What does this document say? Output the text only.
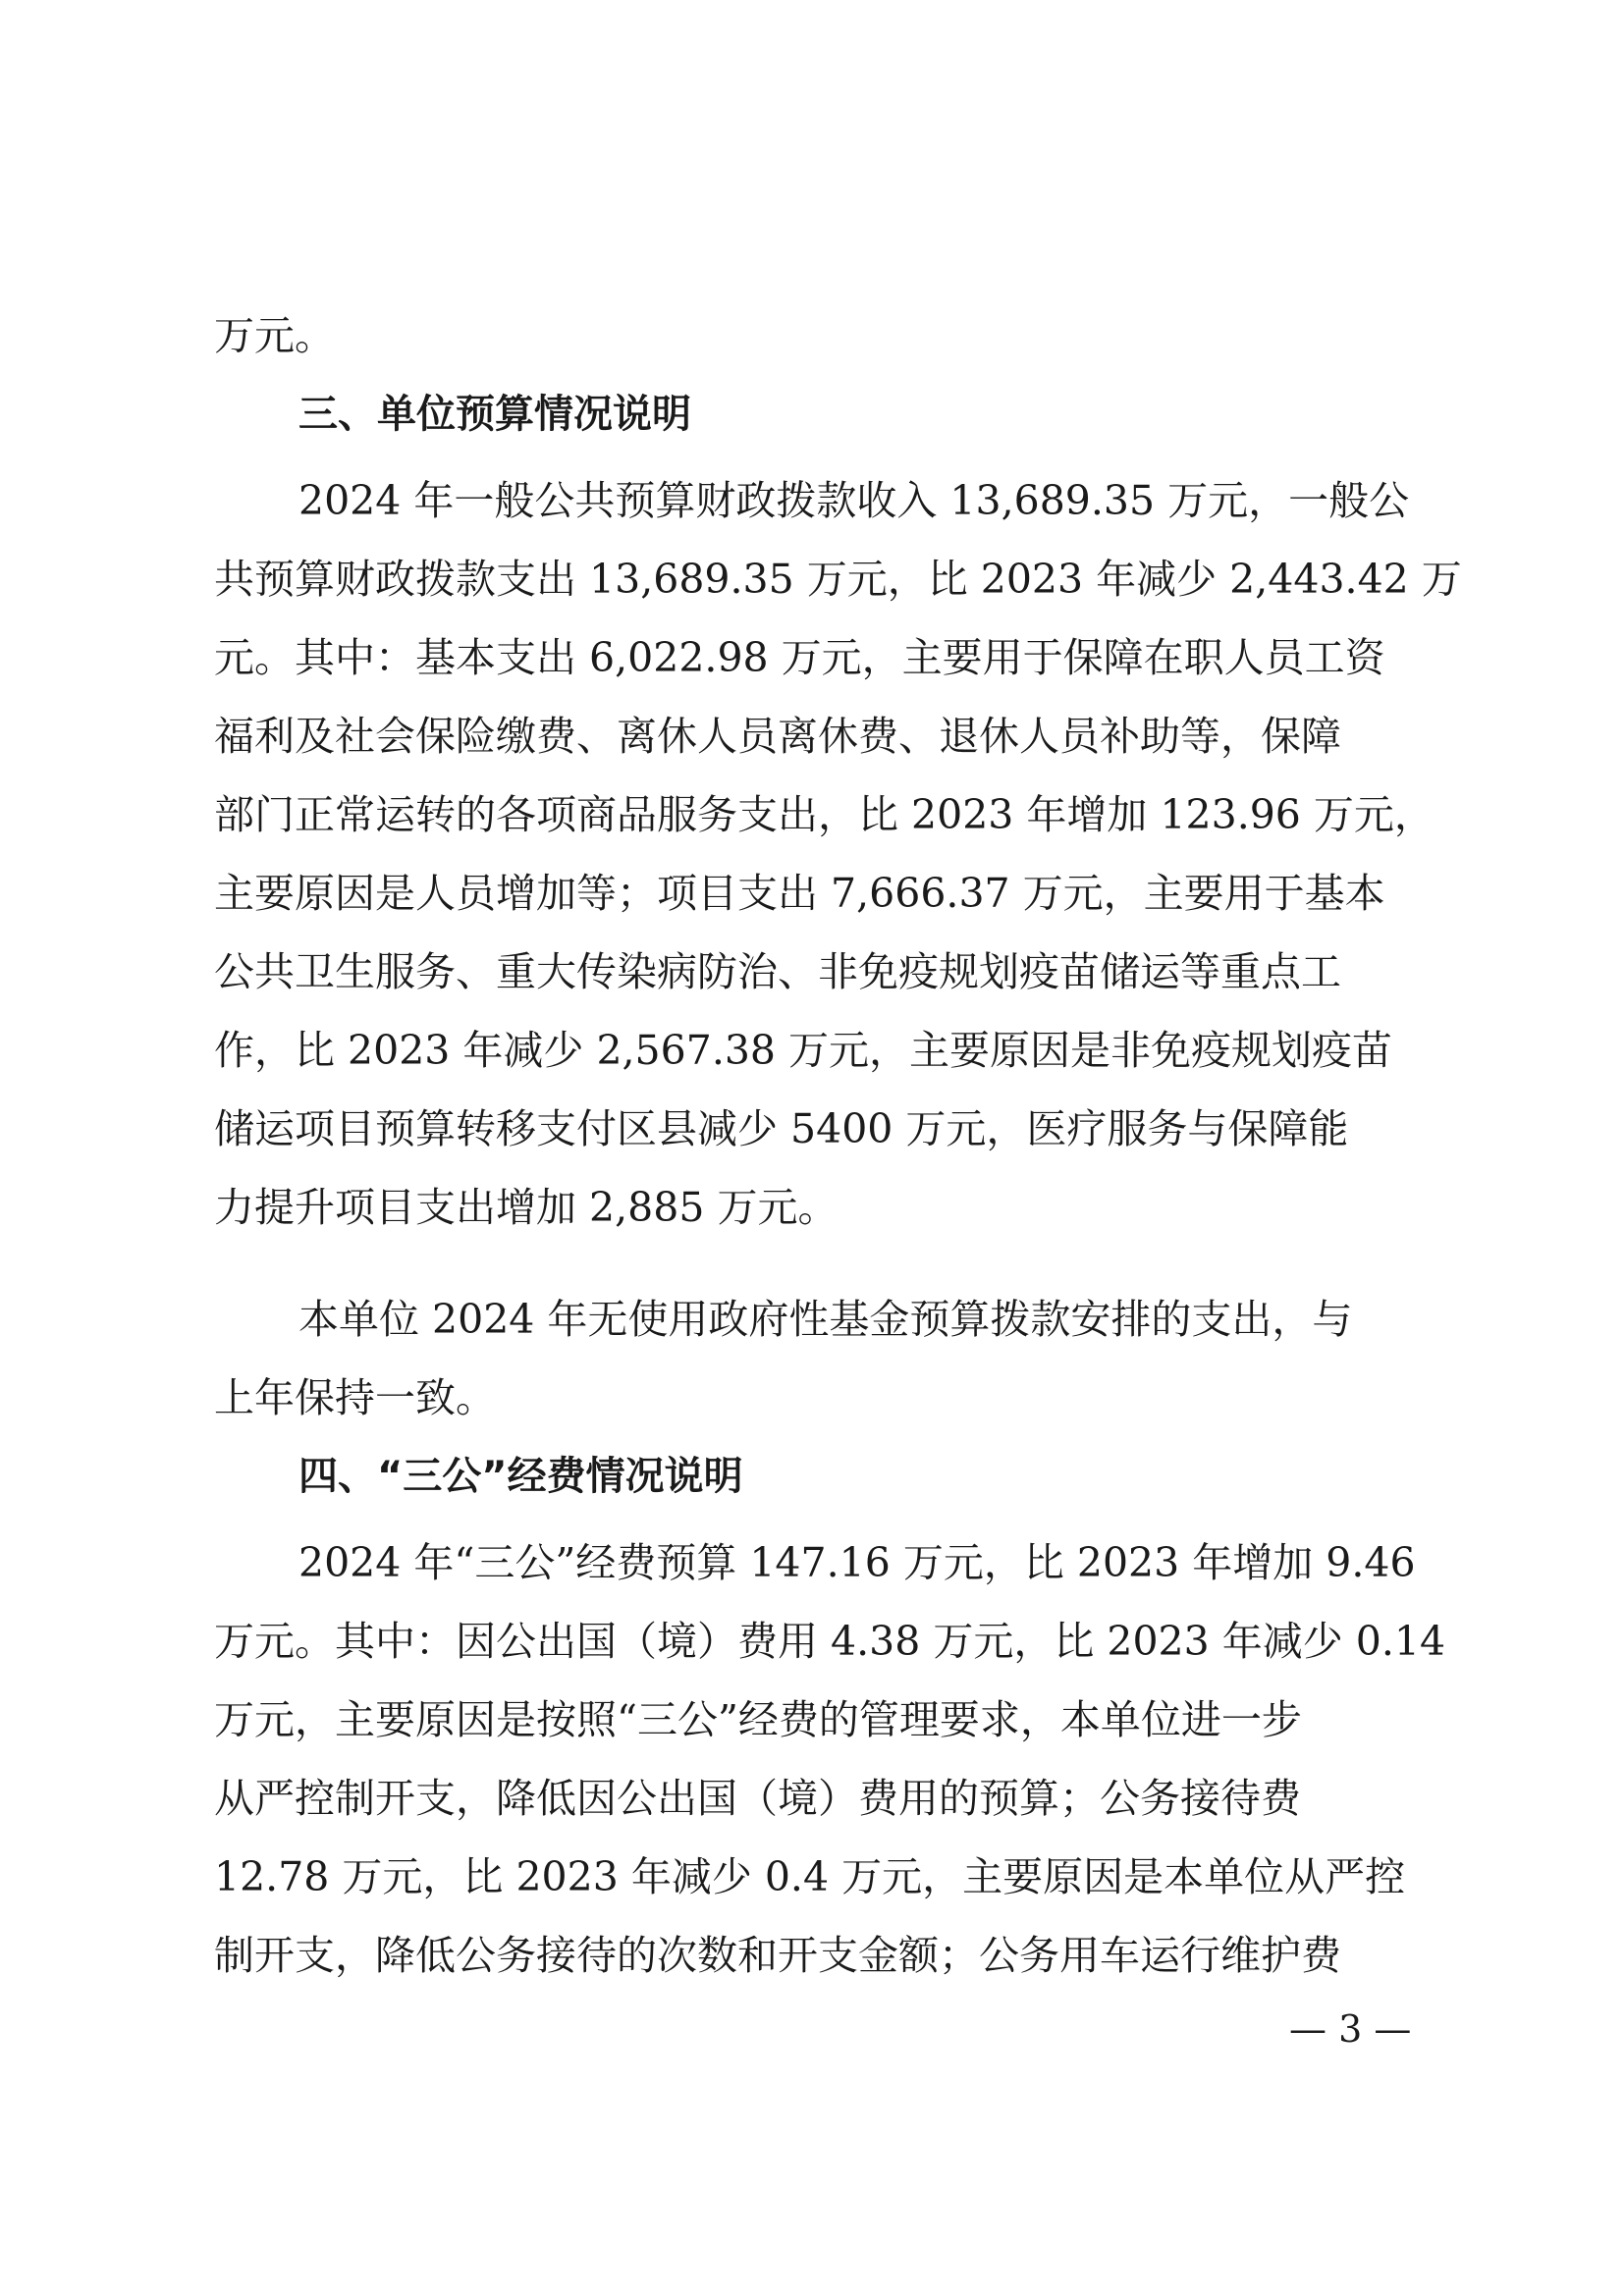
万元。

三、单位预算情况说明

2024 年一般公共预算财政拨款收入 13,689.35 万元，一般公

共预算财政拨款支出 13,689.35 万元，比 2023 年减少 2,443.42 万

元。其中：基本支出 6,022.98 万元，主要用于保障在职人员工资

福利及社会保险缴费、离休人员离休费、退休人员补助等，保障

部门正常运转的各项商品服务支出，比 2023 年增加 123.96 万元，

主要原因是人员增加等；项目支出 7,666.37 万元，主要用于基本

公共卫生服务、重大传染病防治、非免疫规划疫苗储运等重点工

作，比 2023 年减少 2,567.38 万元，主要原因是非免疫规划疫苗

储运项目预算转移支付区县减少 5400 万元，医疗服务与保障能

力提升项目支出增加 2,885 万元。

本单位 2024 年无使用政府性基金预算拨款安排的支出，与

上年保持一致。

四、“三公”经费情况说明

2024 年“三公”经费预算 147.16 万元，比 2023 年增加 9.46

万元。其中：因公出国（境）费用 4.38 万元，比 2023 年减少 0.14

万元，主要原因是按照“三公”经费的管理要求，本单位进一步

从严控制开支，降低因公出国（境）费用的预算；公务接待费

12.78 万元，比 2023 年减少 0.4 万元，主要原因是本单位从严控

制开支，降低公务接待的次数和开支金额；公务用车运行维护费

— 3 —
